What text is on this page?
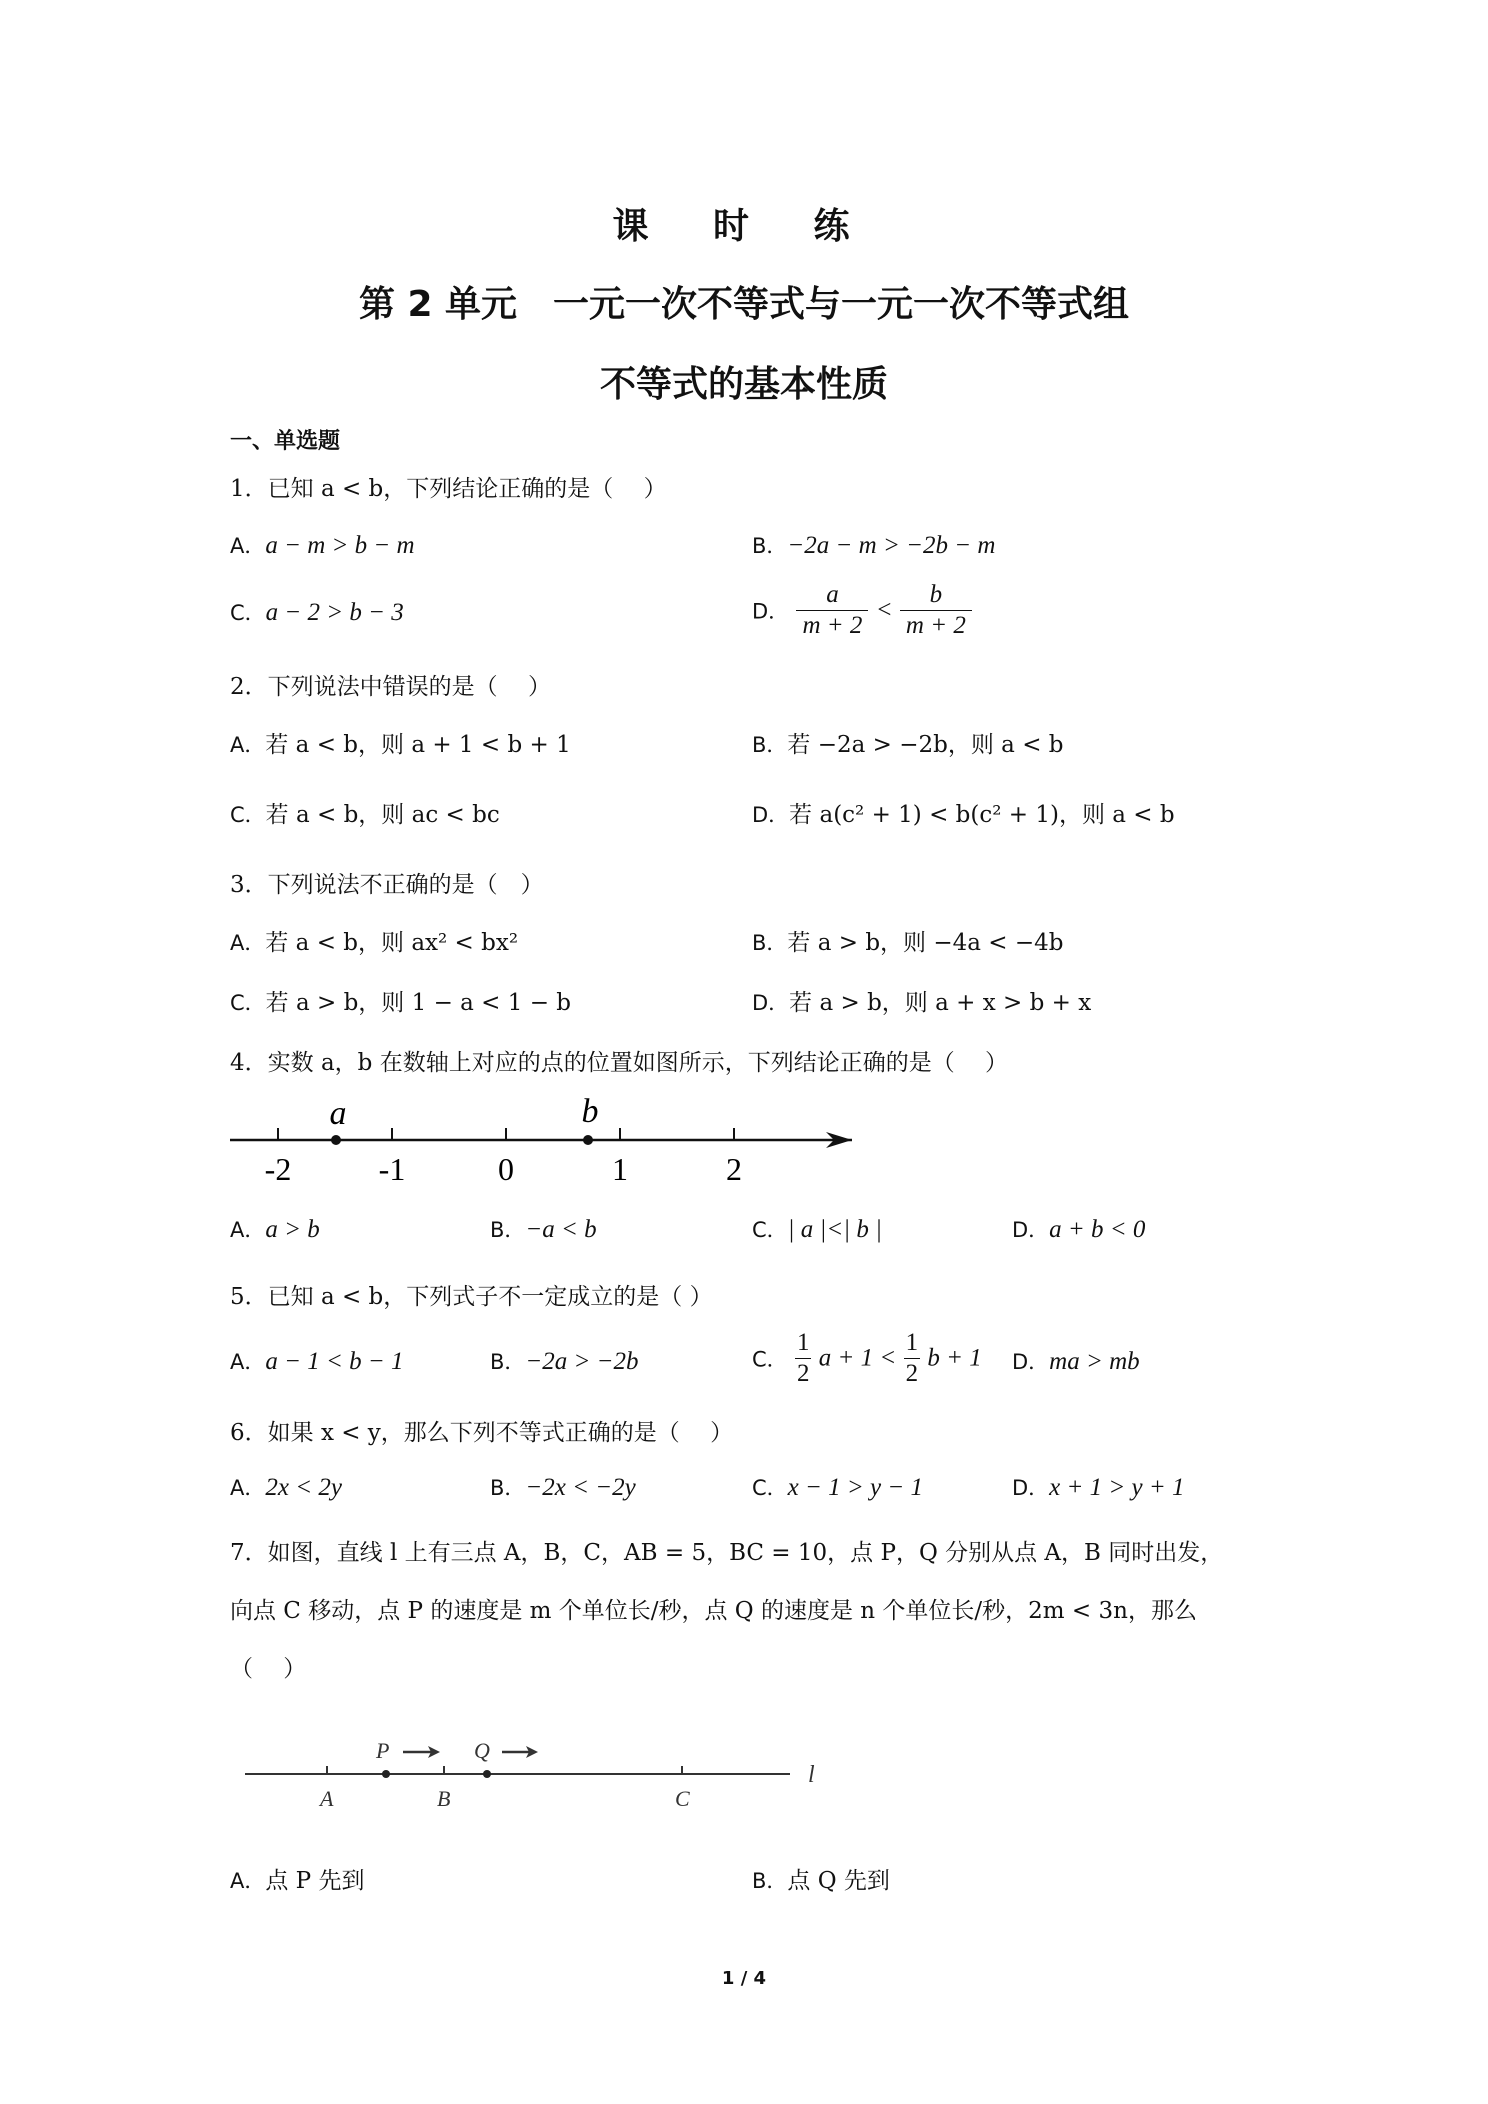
课 时 练
第 2 单元　一元一次不等式与一元一次不等式组
不等式的基本性质
一、单选题
1．已知 a < b，下列结论正确的是（　 ）
A．a − m > b − m	B．−2a − m > −2b − m
C．a − 2 > b − 3	D． $\frac{a}{m + 2} < \frac{b}{m + 2}$
2．下列说法中错误的是（　 ）
A．若 a < b，则 a + 1 < b + 1	B．若 −2a > −2b，则 a < b
C．若 a < b，则 ac < bc	D．若 a(c² + 1) < b(c² + 1)，则 a < b
3．下列说法不正确的是（　）
A．若 a < b，则 ax² < bx²	B．若 a > b，则 −4a < −4b
C．若 a > b，则 1 − a < 1 − b	D．若 a > b，则 a + x > b + x
4．实数 a，b 在数轴上对应的点的位置如图所示，下列结论正确的是（　 ）
-2	-1	0	1	2
a	b
A．a > b	B．−a < b	C．| a |<| b |	D．a + b < 0
5．已知 a < b，下列式子不一定成立的是（ ）
A．a − 1 < b − 1	B．−2a > −2b	C． $\frac{1}{2}$ $a + 1 < \frac{1}{2}$ b + 1 D．ma > mb
6．如果 x < y，那么下列不等式正确的是（　 ）
A．2x < 2y	B．−2x < −2y	C．x − 1 > y − 1	D．x + 1 > y + 1
7．如图，直线 l 上有三点 A，B，C，AB = 5，BC = 10，点 P，Q 分别从点 A，B 同时出发，
向点 C 移动，点 P 的速度是 m 个单位长/秒，点 Q 的速度是 n 个单位长/秒，2m < 3n，那么
（　 ）
P	Q
A	B	C
l
A．点 P 先到	B．点 Q 先到
1 / 4
